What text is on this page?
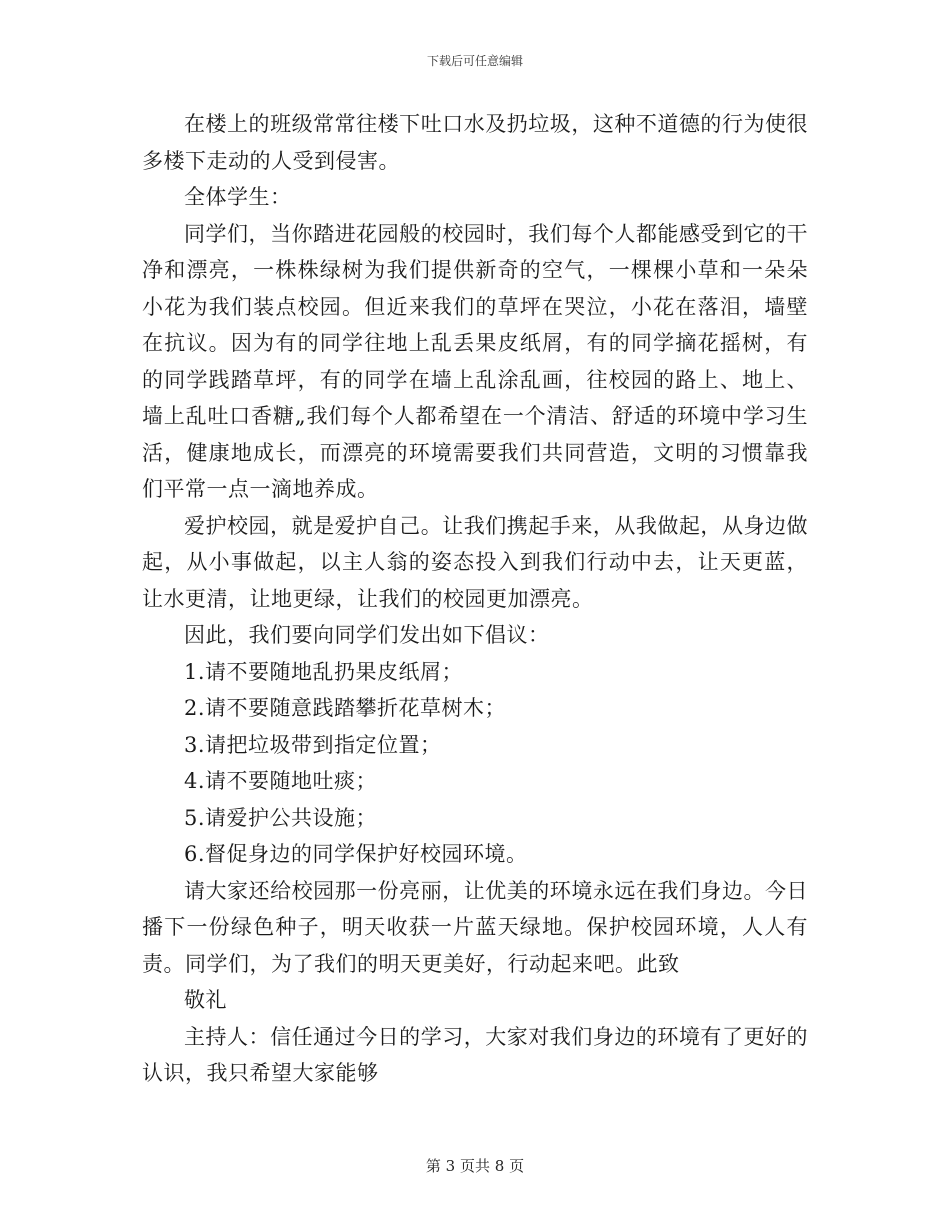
下载后可任意编辑

在楼上的班级常常往楼下吐口水及扔垃圾，这种不道德的行为使很多楼下走动的人受到侵害。

全体学生：

同学们，当你踏进花园般的校园时，我们每个人都能感受到它的干净和漂亮，一株株绿树为我们提供新奇的空气，一棵棵小草和一朵朵小花为我们装点校园。但近来我们的草坪在哭泣，小花在落泪，墙壁在抗议。因为有的同学往地上乱丢果皮纸屑，有的同学摘花摇树，有的同学践踏草坪，有的同学在墙上乱涂乱画，往校园的路上、地上、墙上乱吐口香糖„我们每个人都希望在一个清洁、舒适的环境中学习生活，健康地成长，而漂亮的环境需要我们共同营造，文明的习惯靠我们平常一点一滴地养成。

爱护校园，就是爱护自己。让我们携起手来，从我做起，从身边做起，从小事做起，以主人翁的姿态投入到我们行动中去，让天更蓝，让水更清，让地更绿，让我们的校园更加漂亮。

因此，我们要向同学们发出如下倡议：

1.请不要随地乱扔果皮纸屑；

2.请不要随意践踏攀折花草树木；

3.请把垃圾带到指定位置；

4.请不要随地吐痰；

5.请爱护公共设施；

6.督促身边的同学保护好校园环境。

请大家还给校园那一份亮丽，让优美的环境永远在我们身边。今日播下一份绿色种子，明天收获一片蓝天绿地。保护校园环境，人人有责。同学们，为了我们的明天更美好，行动起来吧。此致

敬礼

主持人：信任通过今日的学习，大家对我们身边的环境有了更好的认识，我只希望大家能够

第 3 页共 8 页
